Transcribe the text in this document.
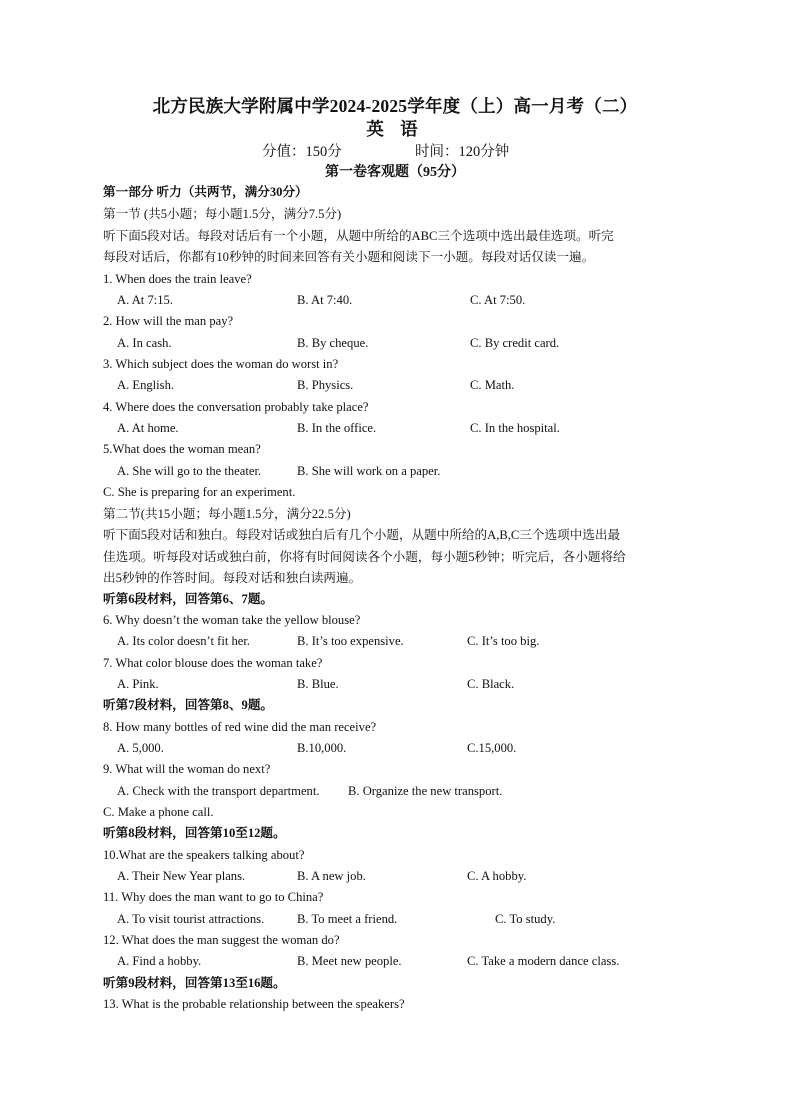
北方民族大学附属中学2024-2025学年度（上）高一月考（二）
英 语
分值：150分	时间：120分钟
第一卷客观题（95分）
第一部分 听力（共两节，满分30分）
第一节 (共5小题；每小题1.5分，满分7.5分)
听下面5段对话。每段对话后有一个小题，从题中所给的ABC三个选项中选出最佳选项。听完
每段对话后，你都有10秒钟的时间来回答有关小题和阅读下一小题。每段对话仅读一遍。
1. When does the train leave?
A. At 7:15.	B. At 7:40.	C. At 7:50.
2. How will the man pay?
A. In cash.	B. By cheque.	C. By credit card.
3. Which subject does the woman do worst in?
A. English.	B. Physics.	C. Math.
4. Where does the conversation probably take place?
A. At home.	B. In the office.	C. In the hospital.
5.What does the woman mean?
A. She will go to the theater.	B. She will work on a paper.
C. She is preparing for an experiment.
第二节(共15小题；每小题1.5分，满分22.5分)
听下面5段对话和独白。每段对话或独白后有几个小题，从题中所给的A,B,C三个选项中选出最
佳选项。听每段对话或独白前，你将有时间阅读各个小题，每小题5秒钟；听完后，各小题将给
出5秒钟的作答时间。每段对话和独白读两遍。
听第6段材料，回答第6、7题。
6. Why doesn’t the woman take the yellow blouse?
A. Its color doesn’t fit her.	B. It’s too expensive.	C. It’s too big.
7. What color blouse does the woman take?
A. Pink.	B. Blue.	C. Black.
听第7段材料，回答第8、9题。
8. How many bottles of red wine did the man receive?
A. 5,000.	B.10,000.	C.15,000.
9. What will the woman do next?
A. Check with the transport department. B. Organize the new transport.
C. Make a phone call.
听第8段材料，回答第10至12题。
10.What are the speakers talking about?
A. Their New Year plans.	B. A new job.	C. A hobby.
11. Why does the man want to go to China?
A. To visit tourist attractions.	B. To meet a friend.	C. To study.
12. What does the man suggest the woman do?
A. Find a hobby.	B. Meet new people.	C. Take a modern dance class.
听第9段材料，回答第13至16题。
13. What is the probable relationship between the speakers?
